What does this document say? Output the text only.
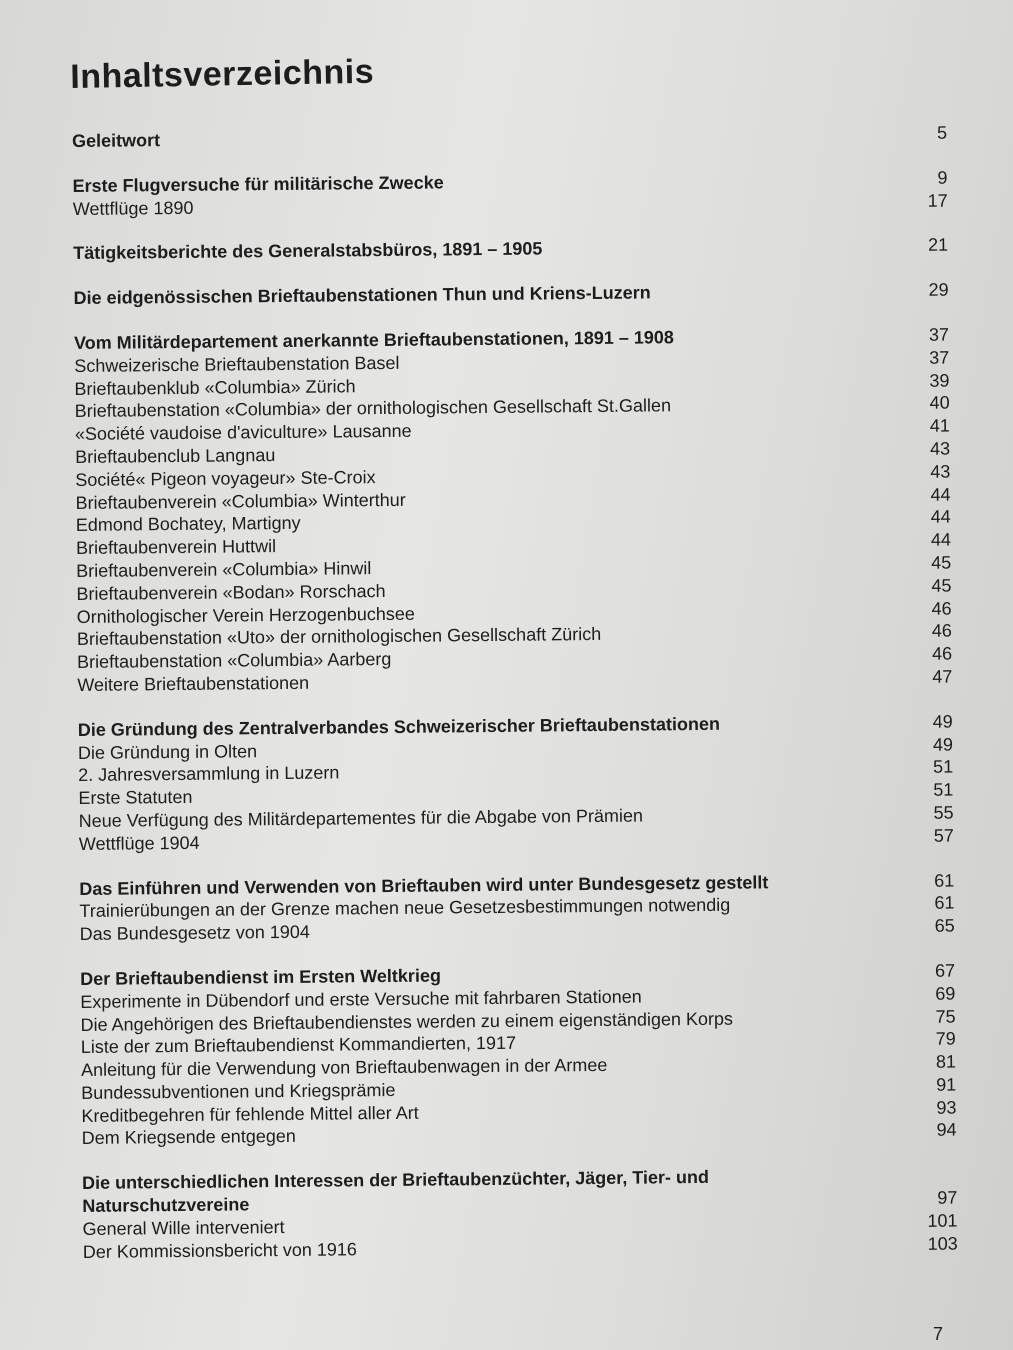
Inhaltsverzeichnis
Geleitwort	5
Erste Flugversuche für militärische Zwecke	9
Wettflüge 1890	17
Tätigkeitsberichte des Generalstabsbüros, 1891 – 1905	21
Die eidgenössischen Brieftaubenstationen Thun und Kriens-Luzern	29
Vom Militärdepartement anerkannte Brieftaubenstationen, 1891 – 1908	37
Schweizerische Brieftaubenstation Basel	37
Brieftaubenklub «Columbia» Zürich	39
Brieftaubenstation «Columbia» der ornithologischen Gesellschaft St.Gallen	40
«Société vaudoise d'aviculture» Lausanne	41
Brieftaubenclub Langnau	43
Société« Pigeon voyageur» Ste-Croix	43
Brieftaubenverein «Columbia» Winterthur	44
Edmond Bochatey, Martigny	44
Brieftaubenverein Huttwil	44
Brieftaubenverein «Columbia» Hinwil	45
Brieftaubenverein «Bodan» Rorschach	45
Ornithologischer Verein Herzogenbuchsee	46
Brieftaubenstation «Uto» der ornithologischen Gesellschaft Zürich	46
Brieftaubenstation «Columbia» Aarberg	46
Weitere Brieftaubenstationen	47
Die Gründung des Zentralverbandes Schweizerischer Brieftaubenstationen	49
Die Gründung in Olten	49
2. Jahresversammlung in Luzern	51
Erste Statuten	51
Neue Verfügung des Militärdepartementes für die Abgabe von Prämien	55
Wettflüge 1904	57
Das Einführen und Verwenden von Brieftauben wird unter Bundesgesetz gestellt	61
Trainierübungen an der Grenze machen neue Gesetzesbestimmungen notwendig	61
Das Bundesgesetz von 1904	65
Der Brieftaubendienst im Ersten Weltkrieg	67
Experimente in Dübendorf und erste Versuche mit fahrbaren Stationen	69
Die Angehörigen des Brieftaubendienstes werden zu einem eigenständigen Korps	75
Liste der zum Brieftaubendienst Kommandierten, 1917	79
Anleitung für die Verwendung von Brieftaubenwagen in der Armee	81
Bundessubventionen und Kriegsprämie	91
Kreditbegehren für fehlende Mittel aller Art	93
Dem Kriegsende entgegen	94
Die unterschiedlichen Interessen der Brieftaubenzüchter, Jäger, Tier- und
Naturschutzvereine	97
General Wille interveniert	101
Der Kommissionsbericht von 1916	103
7
